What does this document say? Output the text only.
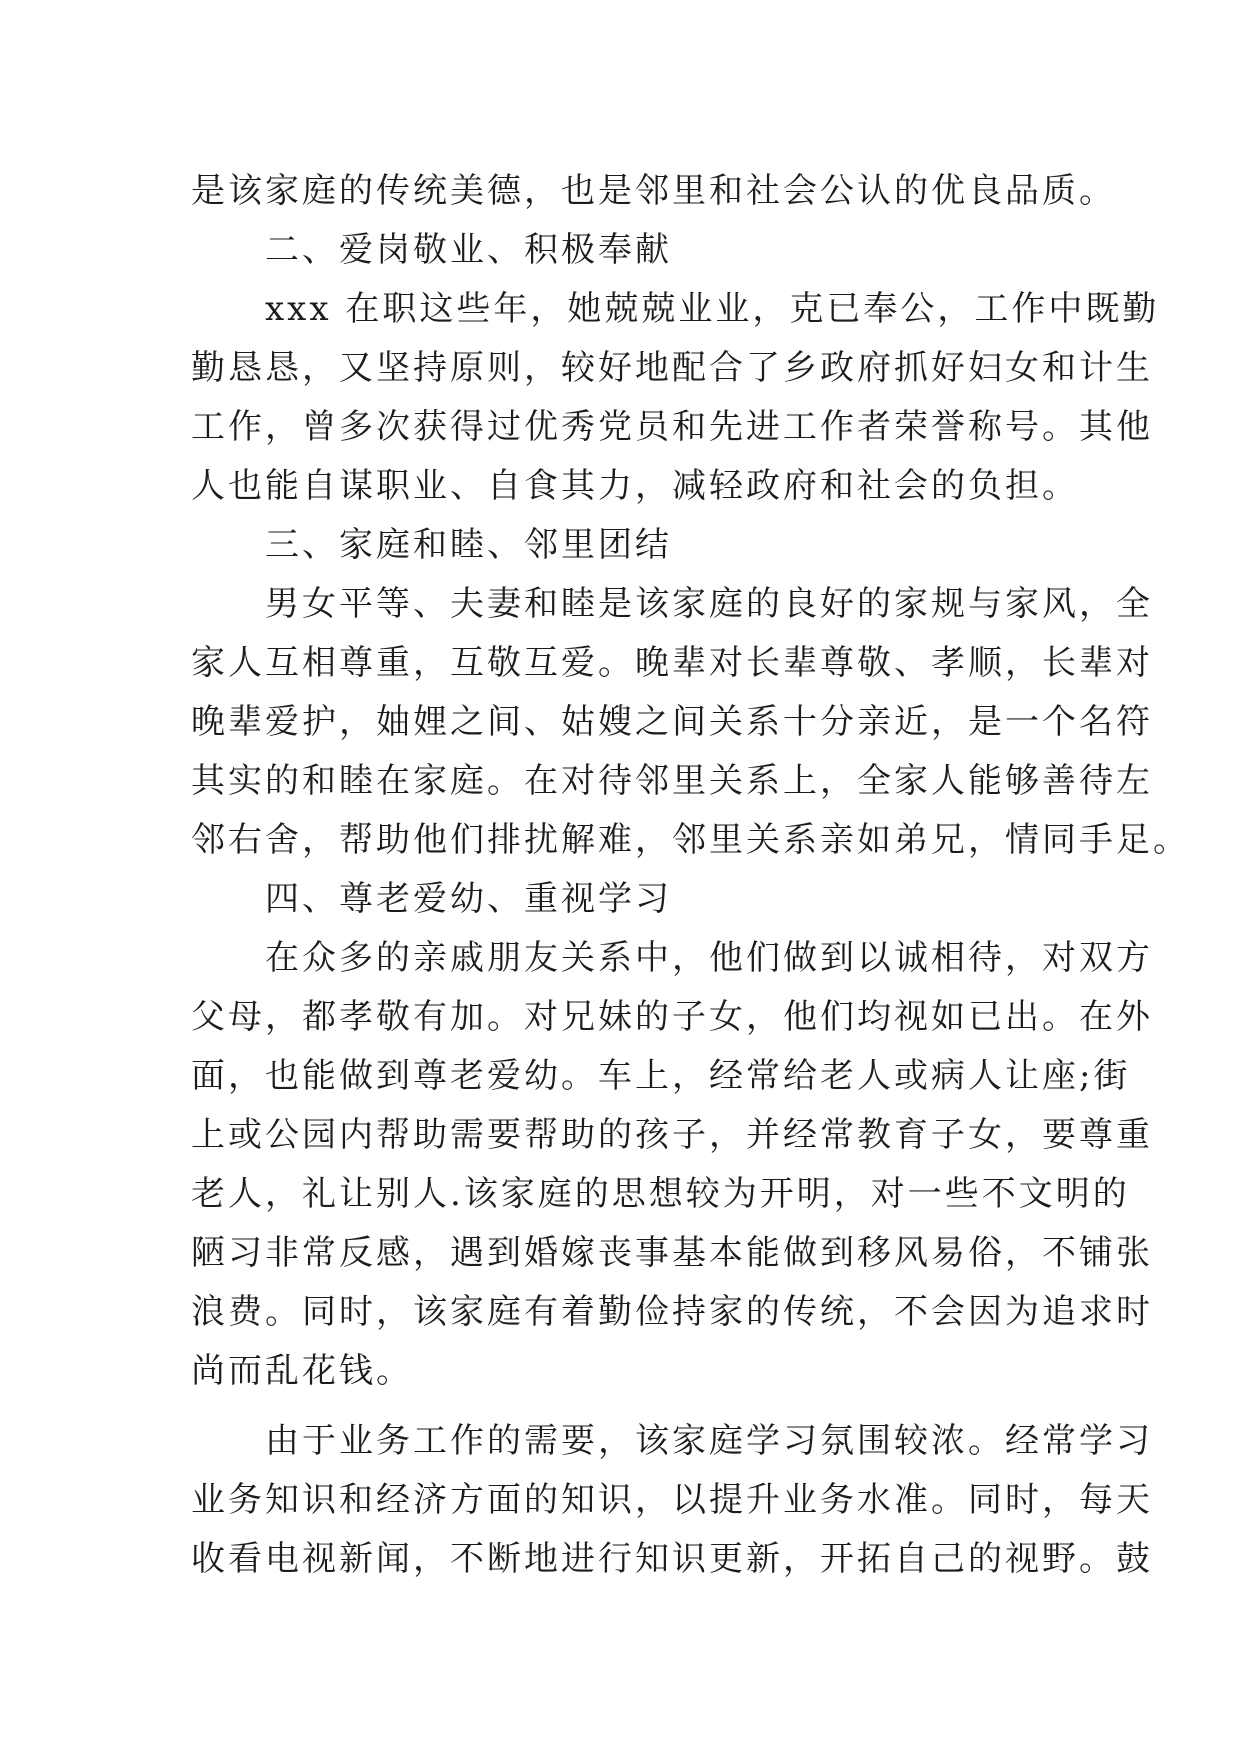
是该家庭的传统美德，也是邻里和社会公认的优良品质。
　　二、爱岗敬业、积极奉献
　　xxx 在职这些年，她兢兢业业，克已奉公，工作中既勤
勤恳恳，又坚持原则，较好地配合了乡政府抓好妇女和计生
工作，曾多次获得过优秀党员和先进工作者荣誉称号。其他
人也能自谋职业、自食其力，减轻政府和社会的负担。
　　三、家庭和睦、邻里团结
　　男女平等、夫妻和睦是该家庭的良好的家规与家风，全
家人互相尊重，互敬互爱。晚辈对长辈尊敬、孝顺，长辈对
晚辈爱护，妯娌之间、姑嫂之间关系十分亲近，是一个名符
其实的和睦在家庭。在对待邻里关系上，全家人能够善待左
邻右舍，帮助他们排扰解难，邻里关系亲如弟兄，情同手足。
　　四、尊老爱幼、重视学习
　　在众多的亲戚朋友关系中，他们做到以诚相待，对双方
父母，都孝敬有加。对兄妹的子女，他们均视如已出。在外
面，也能做到尊老爱幼。车上，经常给老人或病人让座;街
上或公园内帮助需要帮助的孩子，并经常教育子女，要尊重
老人，礼让别人.该家庭的思想较为开明，对一些不文明的
陋习非常反感，遇到婚嫁丧事基本能做到移风易俗，不铺张
浪费。同时，该家庭有着勤俭持家的传统，不会因为追求时
尚而乱花钱。
　　由于业务工作的需要，该家庭学习氛围较浓。经常学习
业务知识和经济方面的知识，以提升业务水准。同时，每天
收看电视新闻，不断地进行知识更新，开拓自己的视野。鼓
